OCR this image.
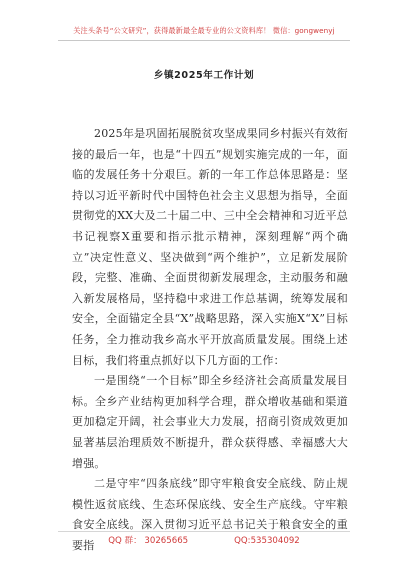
关注头条号“公文研究”，获得最新最全最专业的公文资料库！ 微信：gongwenyj
乡镇2025年工作计划

2025年是巩固拓展脱贫攻坚成果同乡村振兴有效衔接的最后一年，也是“十四五”规划实施完成的一年，面临的发展任务十分艰巨。新的一年工作总体思路是：坚持以习近平新时代中国特色社会主义思想为指导，全面贯彻党的XX大及二十届二中、三中全会精神和习近平总书记视察X重要和指示批示精神，深刻理解“两个确立”决定性意义、坚决做到“两个维护”，立足新发展阶段，完整、准确、全面贯彻新发展理念，主动服务和融入新发展格局，坚持稳中求进工作总基调，统筹发展和安全，全面锚定全县“X”战略思路，深入实施X“X”目标任务，全力推动我乡高水平开放高质量发展。围绕上述目标，我们将重点抓好以下几方面的工作：

一是围绕“一个目标”即全乡经济社会高质量发展目标。全乡产业结构更加科学合理，群众增收基础和渠道更加稳定开阔，社会事业大力发展，招商引资成效更加显著基层治理质效不断提升，群众获得感、幸福感大大增强。

二是守牢“四条底线”即守牢粮食安全底线、防止规模性返贫底线、生态环保底线、安全生产底线。守牢粮食安全底线。深入贯彻习近平总书记关于粮食安全的重要指	QQ 群： 30265665	QQ:535304092
